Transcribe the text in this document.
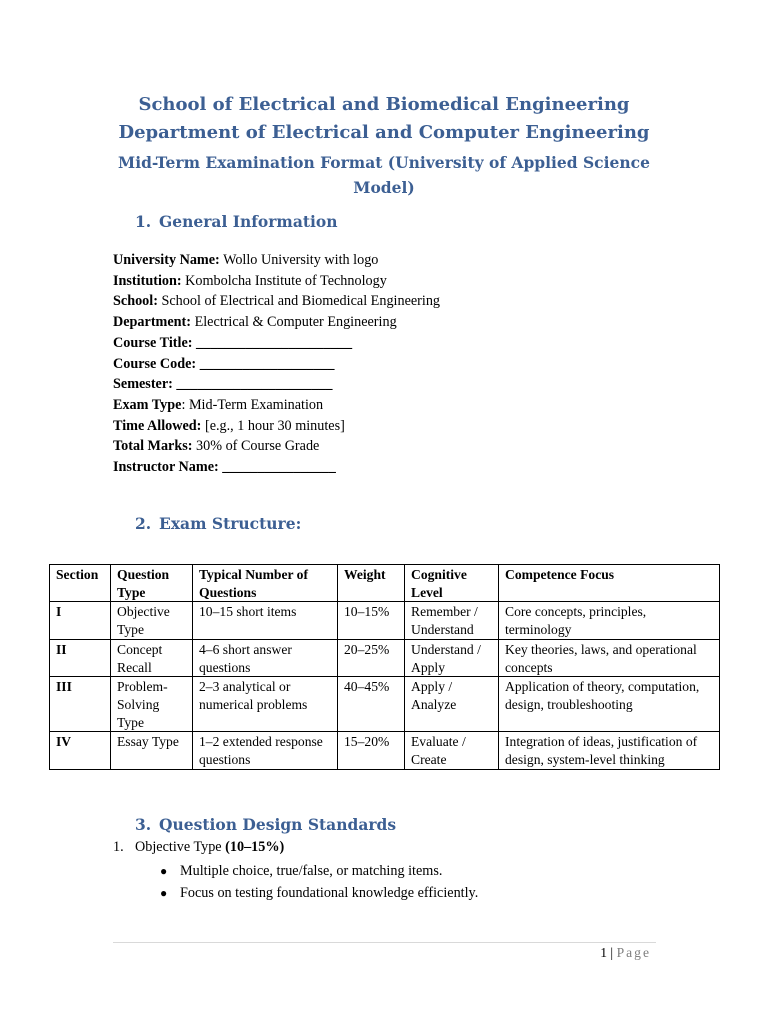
School of Electrical and Biomedical Engineering
Department of Electrical and Computer Engineering
Mid-Term Examination Format (University of Applied Science Model)
1. General Information
University Name: Wollo University with logo
Institution: Kombolcha Institute of Technology
School: School of Electrical and Biomedical Engineering
Department: Electrical & Computer Engineering
Course Title: ______________________
Course Code: ___________________
Semester: ______________________
Exam Type: Mid-Term Examination
Time Allowed: [e.g., 1 hour 30 minutes]
Total Marks: 30% of Course Grade
Instructor Name: ________________
2. Exam Structure:
Section	Question Type	Typical Number of Questions	Weight	Cognitive Level	Competence Focus
I	Objective Type	10–15 short items	10–15%	Remember / Understand	Core concepts, principles, terminology
II	Concept Recall	4–6 short answer questions	20–25%	Understand / Apply	Key theories, laws, and operational concepts
III	Problem-Solving Type	2–3 analytical or numerical problems	40–45%	Apply / Analyze	Application of theory, computation, design, troubleshooting
IV	Essay Type	1–2 extended response questions	15–20%	Evaluate / Create	Integration of ideas, justification of design, system-level thinking
3. Question Design Standards
1. Objective Type (10–15%)
● Multiple choice, true/false, or matching items.
● Focus on testing foundational knowledge efficiently.
1 | Page
